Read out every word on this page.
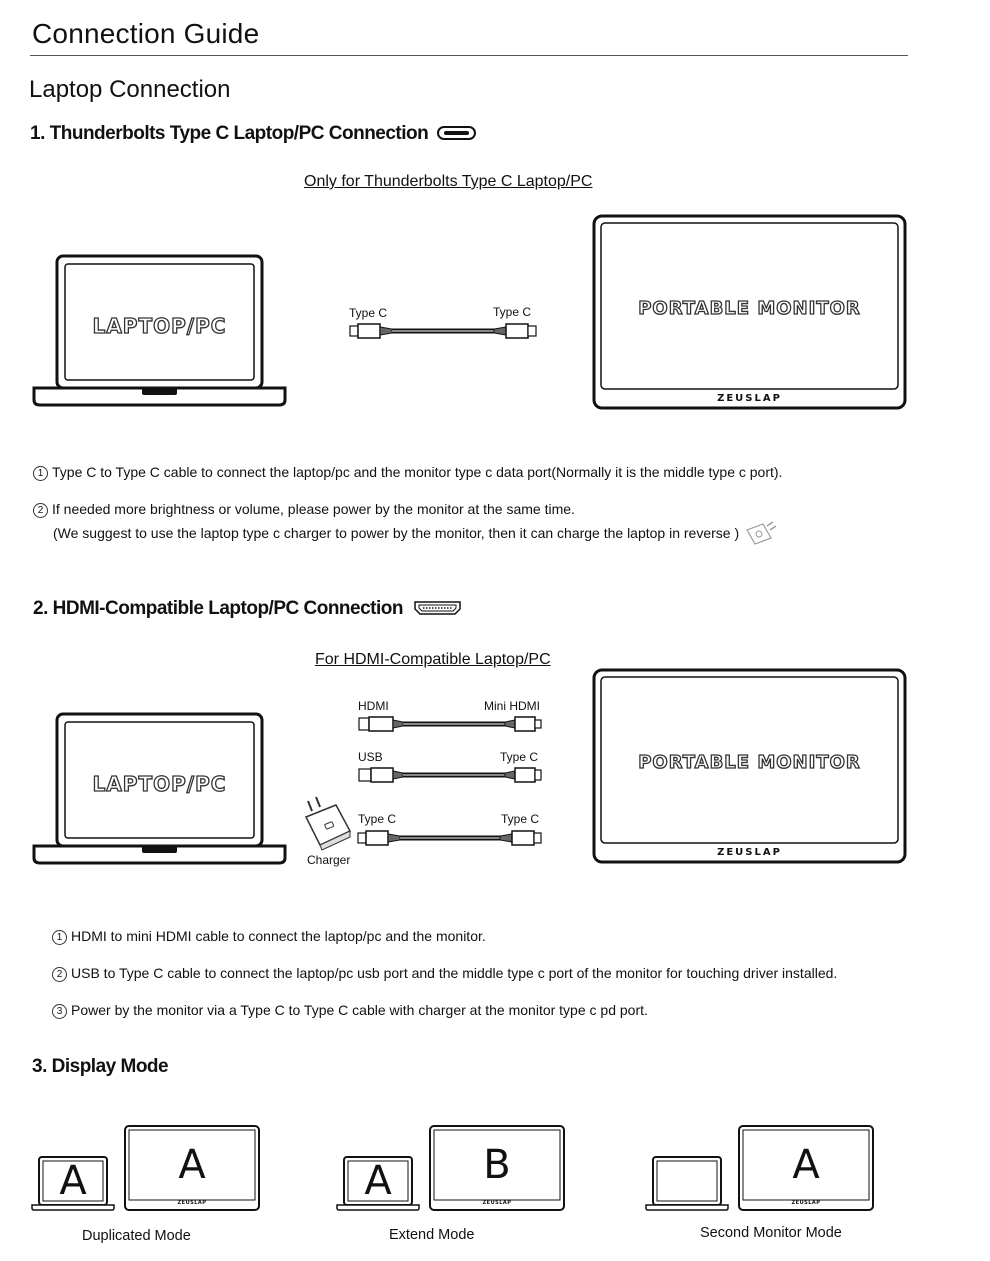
Connection Guide
Laptop Connection
1. Thunderbolts Type C Laptop/PC Connection
Only for Thunderbolts Type C Laptop/PC
LAPTOP/PC
Type C	Type C	PORTABLE MONITOR
ZEUSLAP
1 Type C to Type C cable to connect the laptop/pc and the monitor type c data port(Normally it is the middle type c port).
2 If needed more brightness or volume, please power by the monitor at the same time.
(We suggest to use the laptop type c charger to power by the monitor, then it can charge the laptop in reverse )
2. HDMI-Compatible Laptop/PC Connection
For HDMI-Compatible Laptop/PC
LAPTOP/PC
HDMI	Mini HDMI
USB	Type C
Type C	Type C
Charger
PORTABLE MONITOR
ZEUSLAP
1 HDMI to mini HDMI cable to connect the laptop/pc and the monitor.
2 USB to Type C cable to connect the laptop/pc usb port and the middle type c port of the monitor for touching driver installed.
3 Power by the monitor via a Type C to Type C cable with charger at the monitor type c pd port.
3. Display Mode
A	A
ZEUSLAP
Duplicated Mode
A	B
ZEUSLAP
Extend Mode
A
ZEUSLAP
Second Monitor Mode
